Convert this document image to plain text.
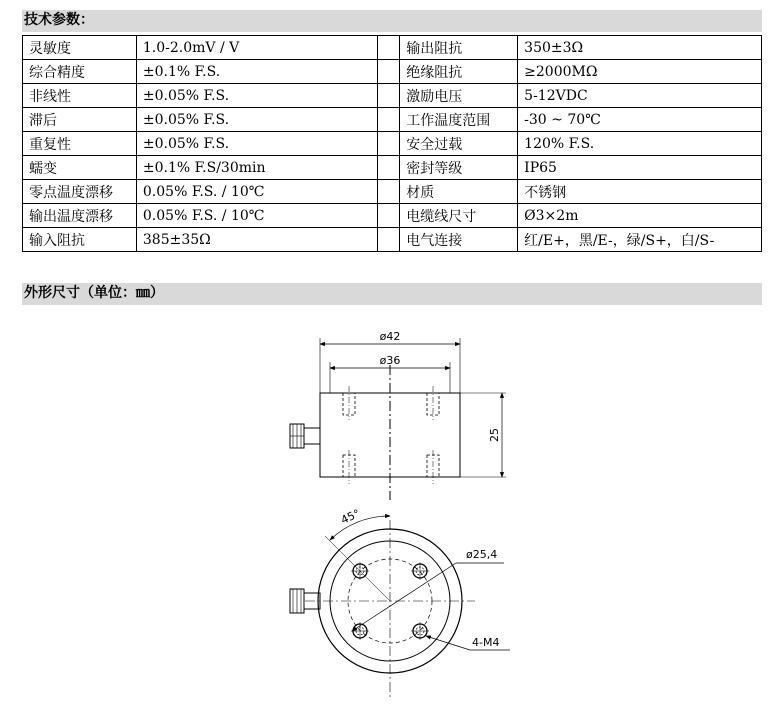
技术参数：
灵敏度	1.0-2.0mV / V		输出阻抗	350±3Ω
综合精度	±0.1% F.S.		绝缘阻抗	≥2000MΩ
非线性	±0.05% F.S.		激励电压	5-12VDC
滞后	±0.05% F.S.		工作温度范围	-30 ~ 70℃
重复性	±0.05% F.S.		安全过载	120% F.S.
蠕变	±0.1% F.S/30min		密封等级	IP65
零点温度漂移	0.05% F.S. / 10℃		材质	不锈钢
输出温度漂移	0.05% F.S. / 10℃		电缆线尺寸	Ø3×2m
输入阻抗	385±35Ω		电气连接	红/E+，黑/E-，绿/S+，白/S-
外形尺寸（单位：㎜）
ø42
ø36
25
45°
ø25,4
4-M4
